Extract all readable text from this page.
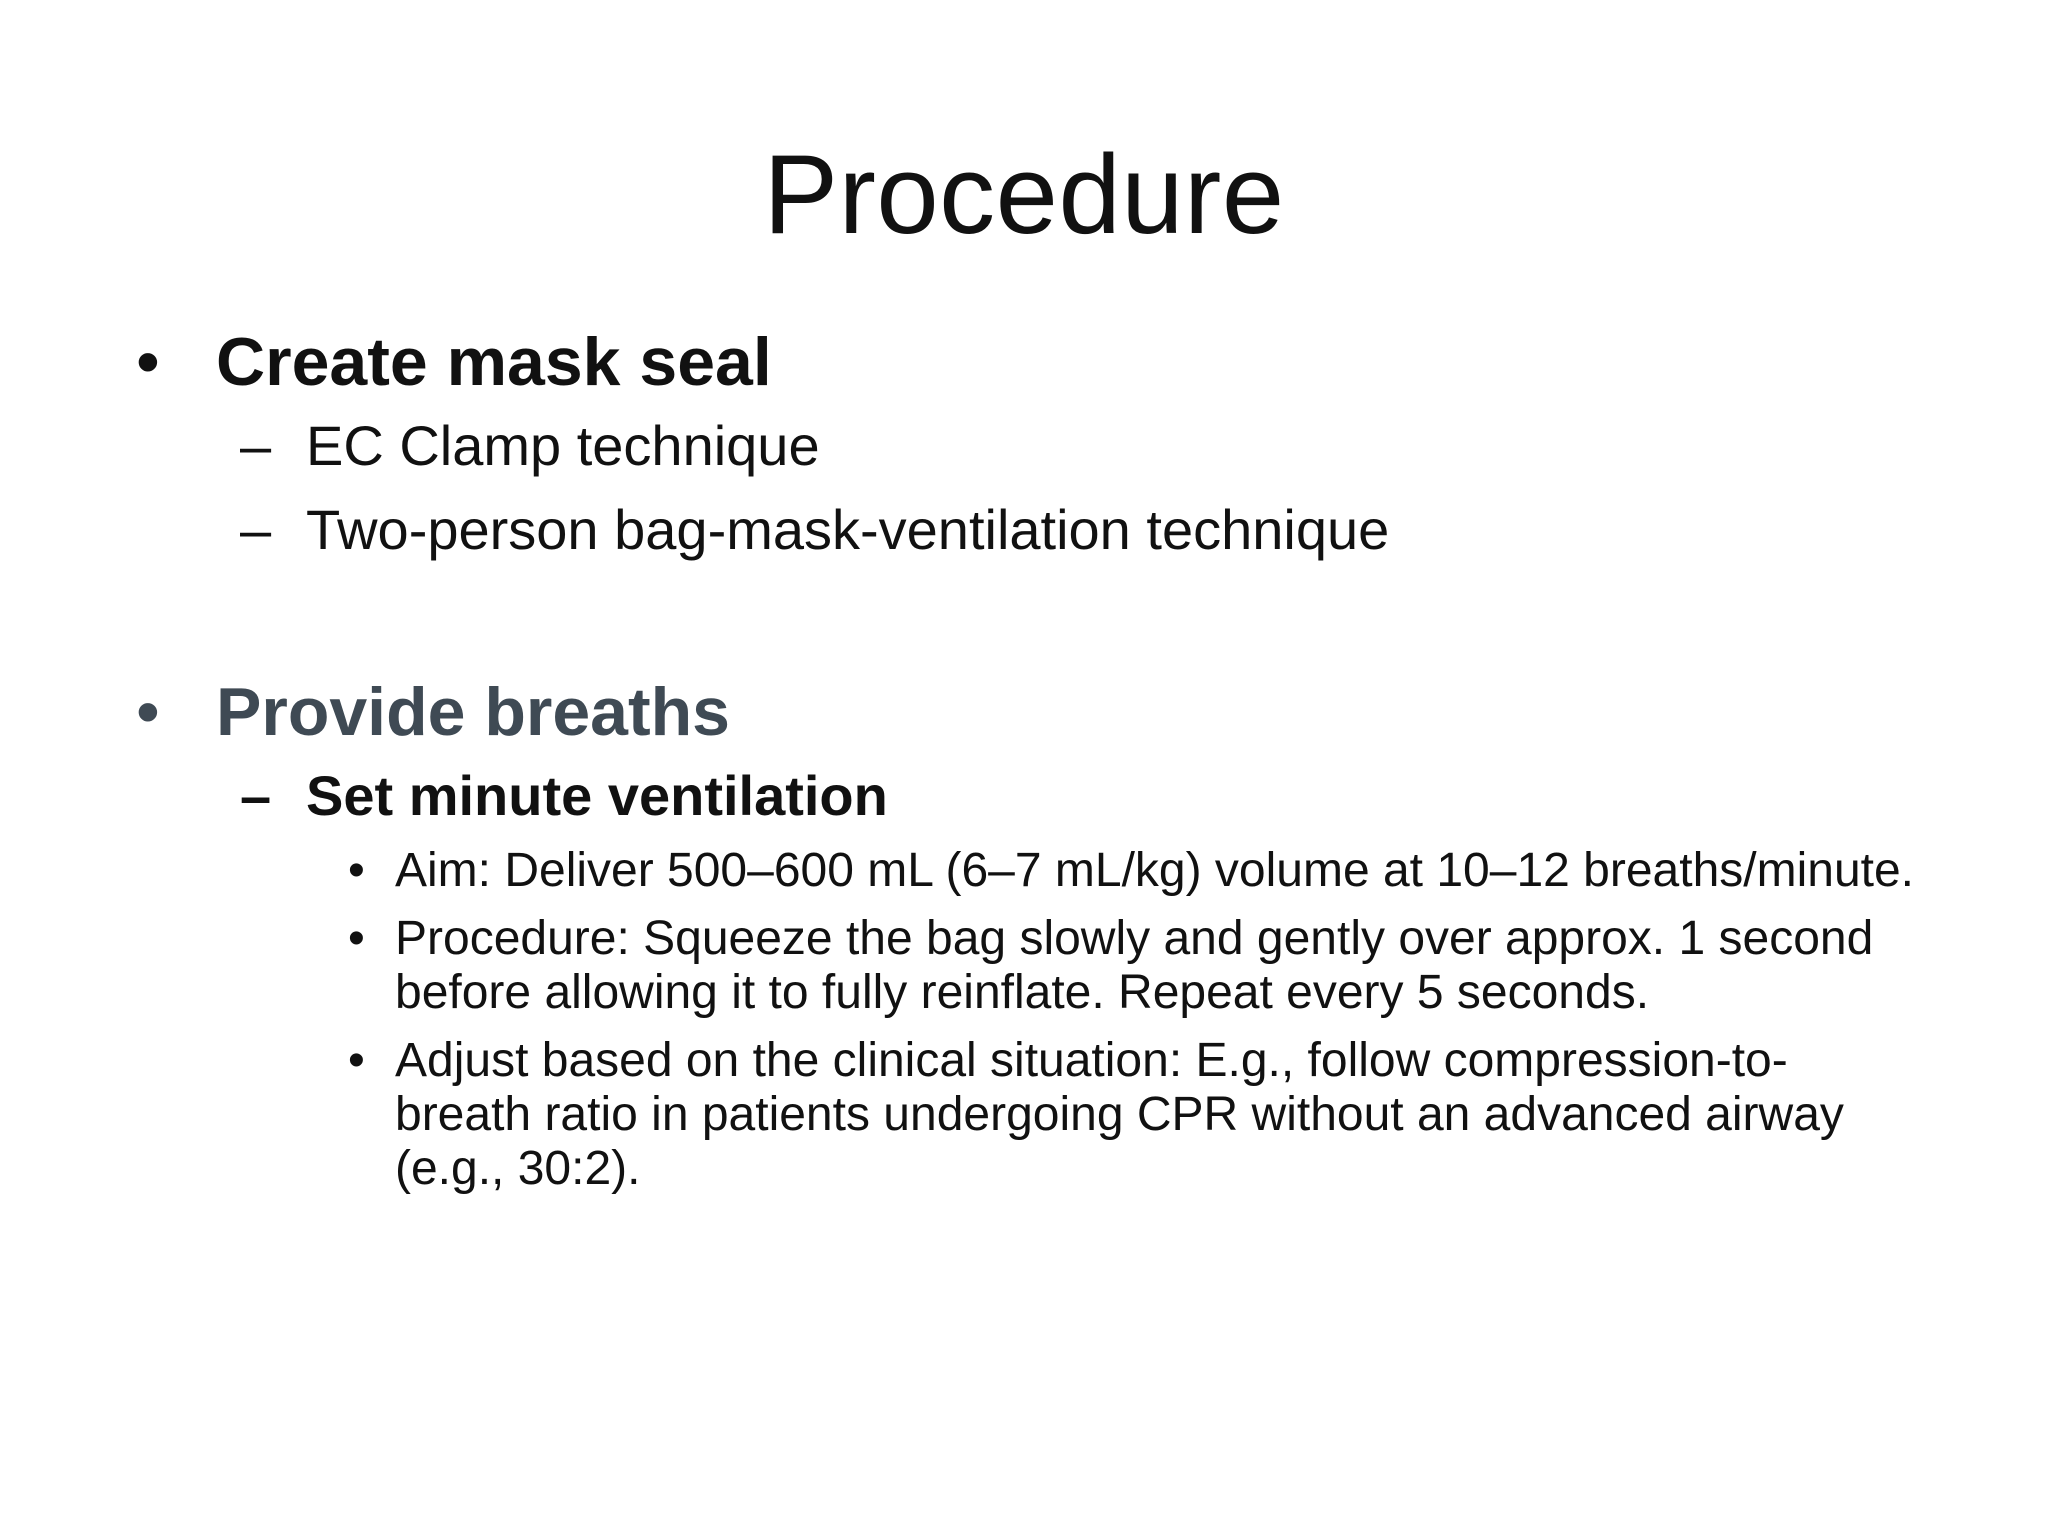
Procedure
• Create mask seal
– EC Clamp technique
– Two-person bag-mask-ventilation technique
• Provide breaths
– Set minute ventilation
• Aim: Deliver 500–600 mL (6–7 mL/kg) volume at 10–12 breaths/minute.
• Procedure: Squeeze the bag slowly and gently over approx. 1 second before allowing it to fully reinflate. Repeat every 5 seconds.
• Adjust based on the clinical situation: E.g., follow compression-to-breath ratio in patients undergoing CPR without an advanced airway (e.g., 30:2).
